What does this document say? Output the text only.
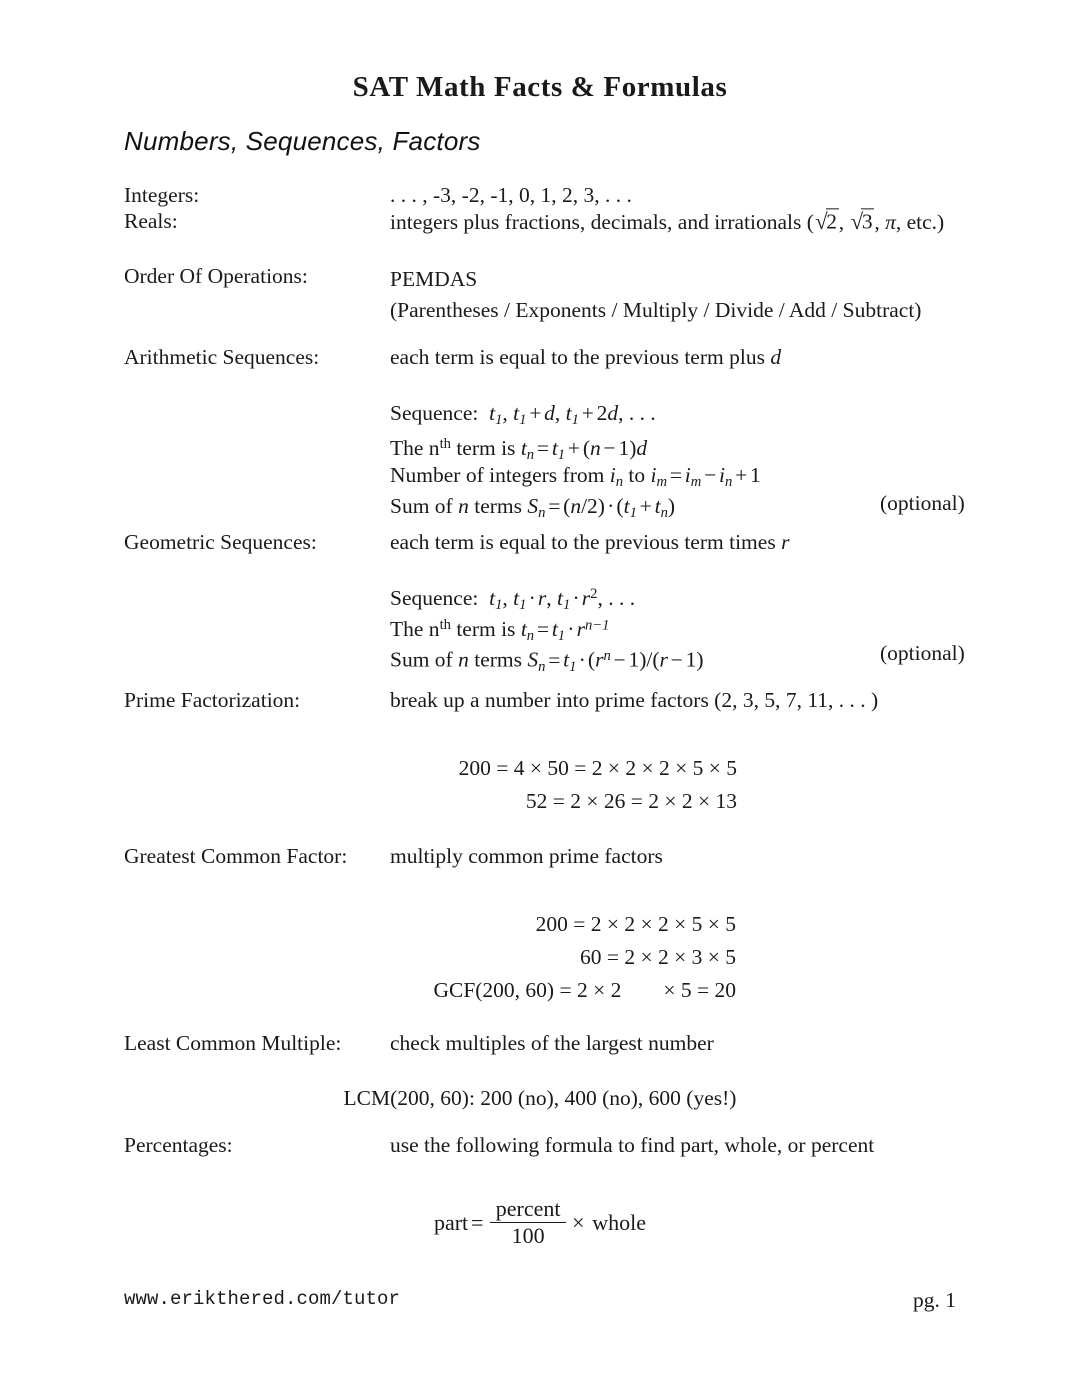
SAT Math Facts & Formulas
Numbers, Sequences, Factors
Integers:	. . . , -3, -2, -1, 0, 1, 2, 3, . . .
Reals:	integers plus fractions, decimals, and irrationals (√2, √3, π, etc.)
Order Of Operations:	PEMDAS
(Parentheses / Exponents / Multiply / Divide / Add / Subtract)
Arithmetic Sequences:	each term is equal to the previous term plus d
Sequence: $t_1$, $t_1 + d$, $t_1 + 2d$, . . .
The $n^{th}$ term is $t_n = t_1 + (n - 1)d$
Number of integers from $i_n$ to $i_m = i_m - i_n + 1$
Sum of n terms $S_n = (n/2)\cdot(t_1 + t_n)$	(optional)
Geometric Sequences:	each term is equal to the previous term times r
Sequence: $t_1$, $t_1\cdot r$, $t_1\cdot r^2$, . . .
The $n^{th}$ term is $t_n = t_1\cdot r^{n-1}$
Sum of n terms $S_n = t_1\cdot(r^n - 1)/(r - 1)$	(optional)
Prime Factorization:	break up a number into prime factors (2, 3, 5, 7, 11, . . . )
200 = 4 × 50 = 2 × 2 × 2 × 5 × 5
52 = 2 × 26 = 2 × 2 × 13
Greatest Common Factor: multiply common prime factors
200 = 2 × 2 × 2 × 5 × 5
60 = 2 × 2 × 3 × 5
GCF(200, 60) = 2 × 2 × 5 = 20
Least Common Multiple: check multiples of the largest number
LCM(200, 60): 200 (no), 400 (no), 600 (yes!)
Percentages:	use the following formula to find part, whole, or percent
part = $\frac{\text{percent}}{100}$ × whole
www.erikthered.com/tutor	pg. 1
